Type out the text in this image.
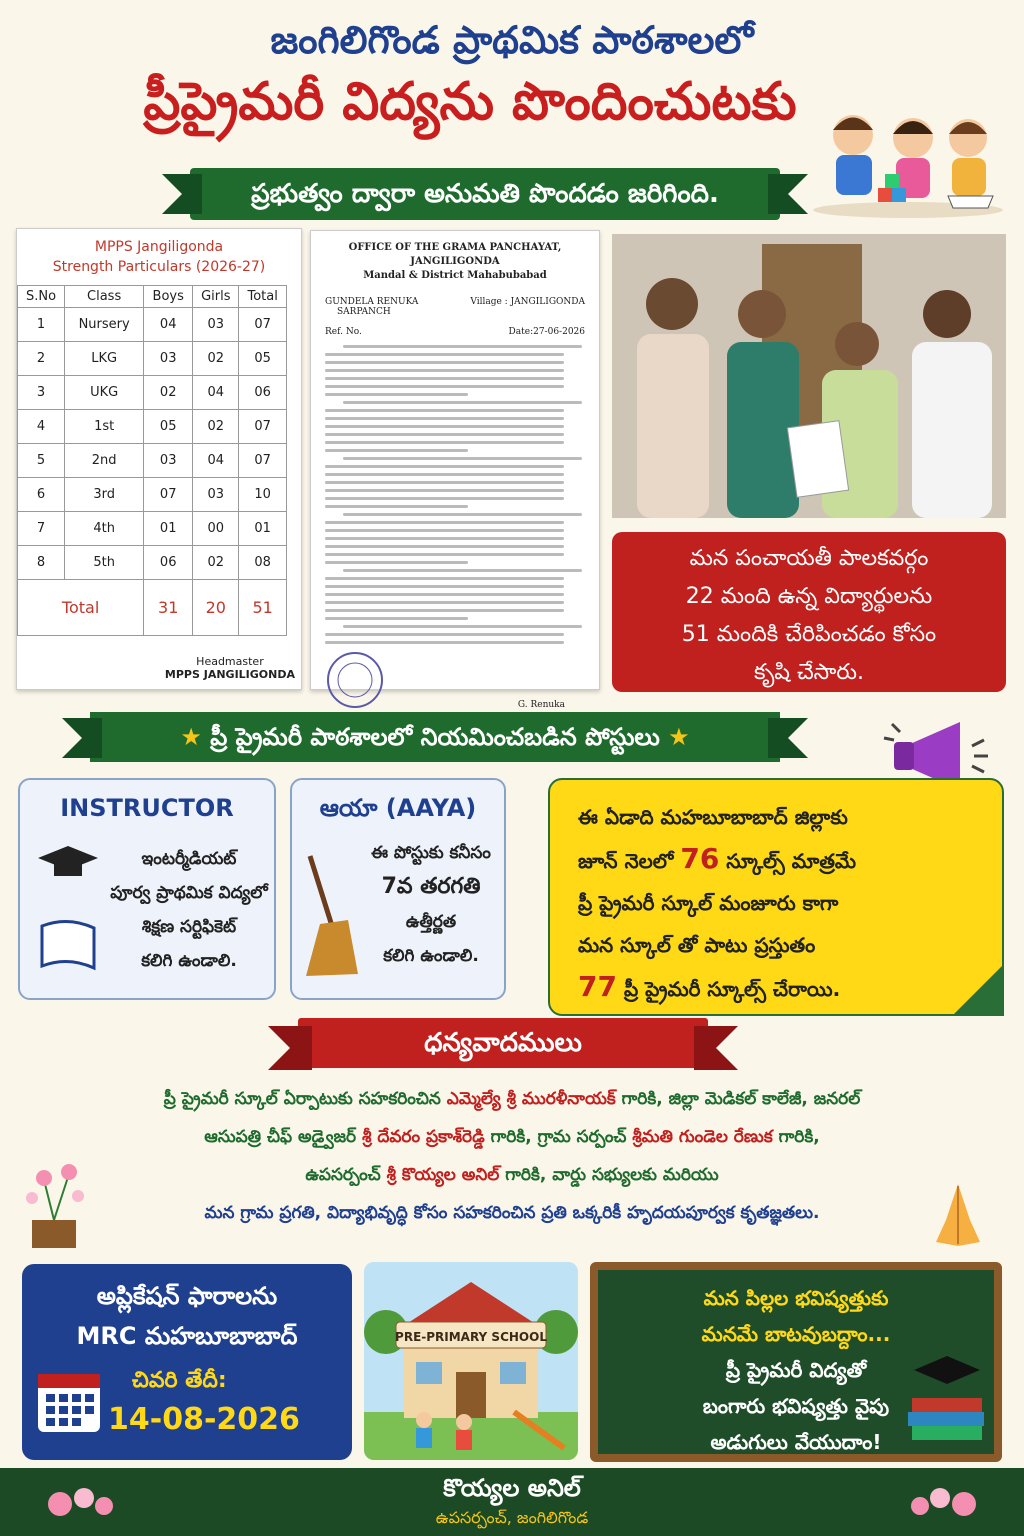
జంగిలిగొండ ప్రాథమిక పాఠశాలలో
ప్రీప్రైమరీ విద్యను పొందించుటకు
ప్రభుత్వం ద్వారా అనుమతి పొందడం జరిగింది.
MPPS Jangiligonda
Strength Particulars (2026-27)
S.No	Class	Boys	Girls	Total
1	Nursery	04	03	07
2	LKG	03	02	05
3	UKG	02	04	06
4	1st	05	02	07
5	2nd	03	04	07
6	3rd	07	03	10
7	4th	01	00	01
8	5th	06	02	08
Total		31	20	51
Headmaster
MPPS JANGILIGONDA
OFFICE OF THE GRAMA PANCHAYAT, JANGILIGONDA
Mandal & District Mahabubabad
GUNDELA RENUKA
SARPANCH
Village : JANGILIGONDA
Ref. No.	Date:27-06-2026
G. Renuka
మన పంచాయతీ పాలకవర్గం
22 మంది ఉన్న విద్యార్థులను
51 మందికి చేరిపించడం కోసం
కృషి చేసారు.
★ ప్రీ ప్రైమరీ పాఠశాలలో నియమించబడిన పోస్టులు ★
INSTRUCTOR

ఇంటర్మీడియట్
పూర్వ ప్రాథమిక విద్యలో
శిక్షణ సర్టిఫికెట్
కలిగి ఉండాలి.

ఆయా (AAYA)

ఈ పోస్టుకు కనీసం
7వ తరగతి
ఉత్తీర్ణత
కలిగి ఉండాలి.

ఈ ఏడాది మహబూబాబాద్ జిల్లాకు
జూన్ నెలలో 76 స్కూల్స్ మాత్రమే
ప్రీ ప్రైమరీ స్కూల్ మంజూరు కాగా
మన స్కూల్ తో పాటు ప్రస్తుతం
77 ప్రీ ప్రైమరీ స్కూల్స్ చేరాయి.
ధన్యవాదములు
ప్రీ ప్రైమరీ స్కూల్ ఏర్పాటుకు సహకరించిన ఎమ్మెల్యే శ్రీ మురళీనాయక్ గారికి, జిల్లా మెడికల్ కాలేజీ, జనరల్
ఆసుపత్రి చీఫ్ అడ్వైజర్ శ్రీ దేవరం ప్రకాశ్‌రెడ్డి గారికి, గ్రామ సర్పంచ్ శ్రీమతి గుండెల రేణుక గారికి,
ఉపసర్పంచ్ శ్రీ కొయ్యల అనిల్ గారికి, వార్డు సభ్యులకు మరియు
మన గ్రామ ప్రగతి, విద్యాభివృద్ధి కోసం సహకరించిన ప్రతి ఒక్కరికీ హృదయపూర్వక కృతజ్ఞతలు.
అప్లికేషన్ ఫారాలను
MRC మహబూబాబాద్
చివరి తేదీ:
14-08-2026
PRE-PRIMARY SCHOOL
మన పిల్లల భవిష్యత్తుకు
మనమే బాటవుబద్దాం...
ప్రీ ప్రైమరీ విద్యతో
బంగారు భవిష్యత్తు వైపు
అడుగులు వేయుదాం!
కొయ్యల అనిల్
ఉపసర్పంచ్, జంగిలిగొండ
